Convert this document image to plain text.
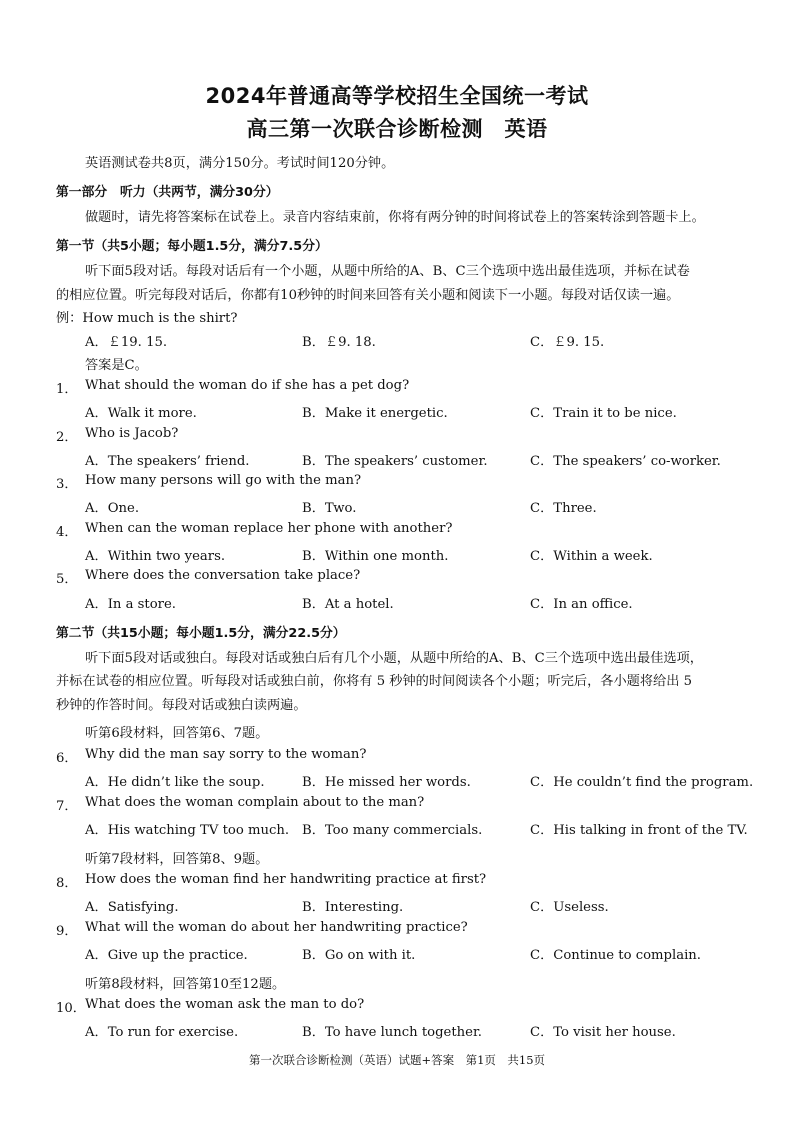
2024年普通高等学校招生全国统一考试
高三第一次联合诊断检测　英语
英语测试卷共8页，满分150分。考试时间120分钟。
第一部分　听力（共两节，满分30分）
做题时，请先将答案标在试卷上。录音内容结束前，你将有两分钟的时间将试卷上的答案转涂到答题卡上。
第一节（共5小题；每小题1.5分，满分7.5分）
听下面5段对话。每段对话后有一个小题，从题中所给的A、B、C三个选项中选出最佳选项，并标在试卷
的相应位置。听完每段对话后，你都有10秒钟的时间来回答有关小题和阅读下一小题。每段对话仅读一遍。
例：How much is the shirt?
A．￡19. 15.	B．￡9. 18.	C．￡9. 15.
答案是C。
1． What should the woman do if she has a pet dog?
A．Walk it more.	B．Make it energetic.	C．Train it to be nice.
2． Who is Jacob?
A．The speakers’ friend.	B．The speakers’ customer.	C．The speakers’ co-worker.
3． How many persons will go with the man?
A．One.	B．Two.	C．Three.
4． When can the woman replace her phone with another?
A．Within two years.	B．Within one month.	C．Within a week.
5． Where does the conversation take place?
A．In a store.	B．At a hotel.	C．In an office.
第二节（共15小题；每小题1.5分，满分22.5分）
听下面5段对话或独白。每段对话或独白后有几个小题，从题中所给的A、B、C三个选项中选出最佳选项，
并标在试卷的相应位置。听每段对话或独白前，你将有 5 秒钟的时间阅读各个小题；听完后，各小题将给出 5
秒钟的作答时间。每段对话或独白读两遍。
听第6段材料，回答第6、7题。
6． Why did the man say sorry to the woman?
A．He didn’t like the soup.	B．He missed her words.	C．He couldn’t find the program.
7． What does the woman complain about to the man?
A．His watching TV too much. B．Too many commercials.	C．His talking in front of the TV.
听第7段材料，回答第8、9题。
8． How does the woman find her handwriting practice at first?
A．Satisfying.	B．Interesting.	C．Useless.
9． What will the woman do about her handwriting practice?
A．Give up the practice.	B．Go on with it.	C．Continue to complain.
听第8段材料，回答第10至12题。
10． What does the woman ask the man to do?
A．To run for exercise.	B．To have lunch together.	C．To visit her house.
第一次联合诊断检测（英语）试题+答案　第1页　共15页
